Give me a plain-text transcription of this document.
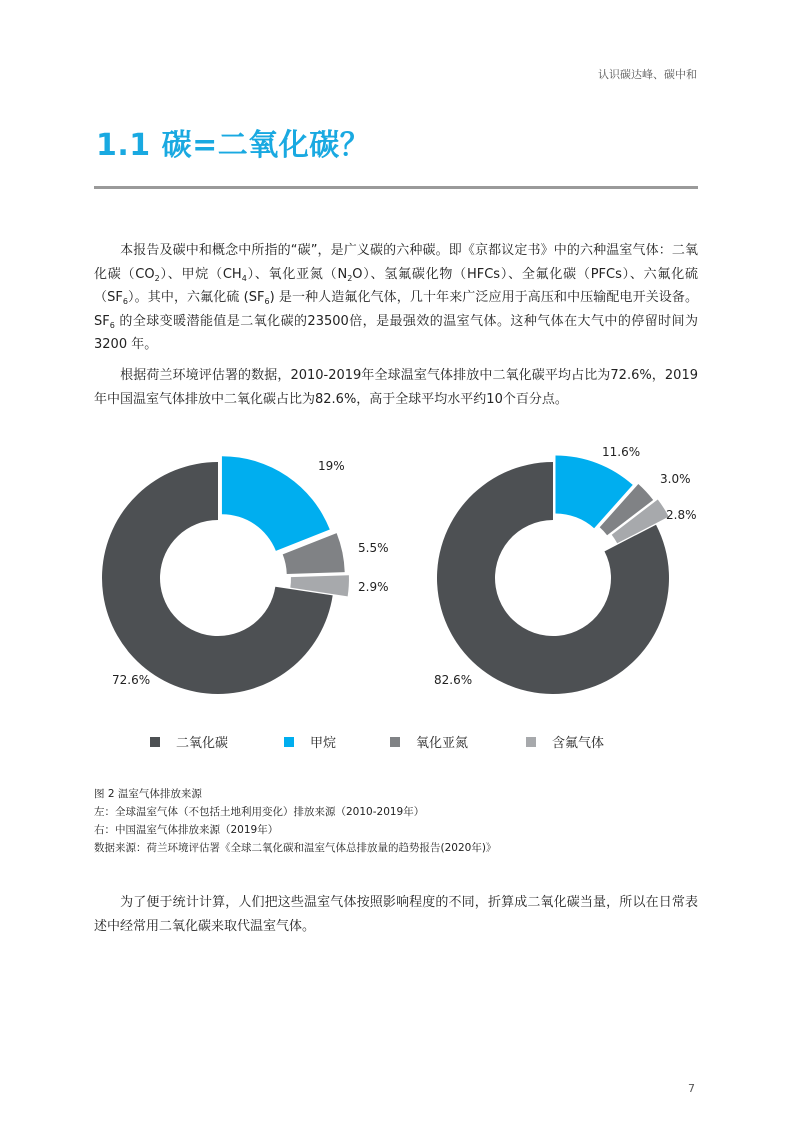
认识碳达峰、碳中和
1.1 碳=二氧化碳？

本报告及碳中和概念中所指的“碳”，是广义碳的六种碳。即《京都议定书》中的六种温室气体：二氧化碳$(CO_2)$、甲烷$(CH_4)$、氧化亚氮$(N_2O)$、氢氟碳化物（HFCs）、全氟化碳（PFCs）、六氟化硫$(SF_6)$。其中，六氟化硫 $(SF_6)$ 是一种人造氟化气体，几十年来广泛应用于高压和中压输配电开关设备。$SF_6$ 的全球变暖潜能值是二氧化碳的23500倍，是最强效的温室气体。这种气体在大气中的停留时间为3200 年。

根据荷兰环境评估署的数据，2010-2019年全球温室气体排放中二氧化碳平均占比为72.6%，2019年中国温室气体排放中二氧化碳占比为82.6%，高于全球平均水平约10个百分点。

72.6%
19%
5.5%
2.9%
82.6%
11.6%
3.0%
2.8%
二氧化碳	甲烷	氧化亚氮	含氟气体
图 2 温室气体排放来源
左：全球温室气体（不包括土地利用变化）排放来源（2010-2019年）
右：中国温室气体排放来源（2019年）
数据来源：荷兰环境评估署《全球二氧化碳和温室气体总排放量的趋势报告(2020年)》

为了便于统计计算，人们把这些温室气体按照影响程度的不同，折算成二氧化碳当量，所以在日常表述中经常用二氧化碳来取代温室气体。

7
